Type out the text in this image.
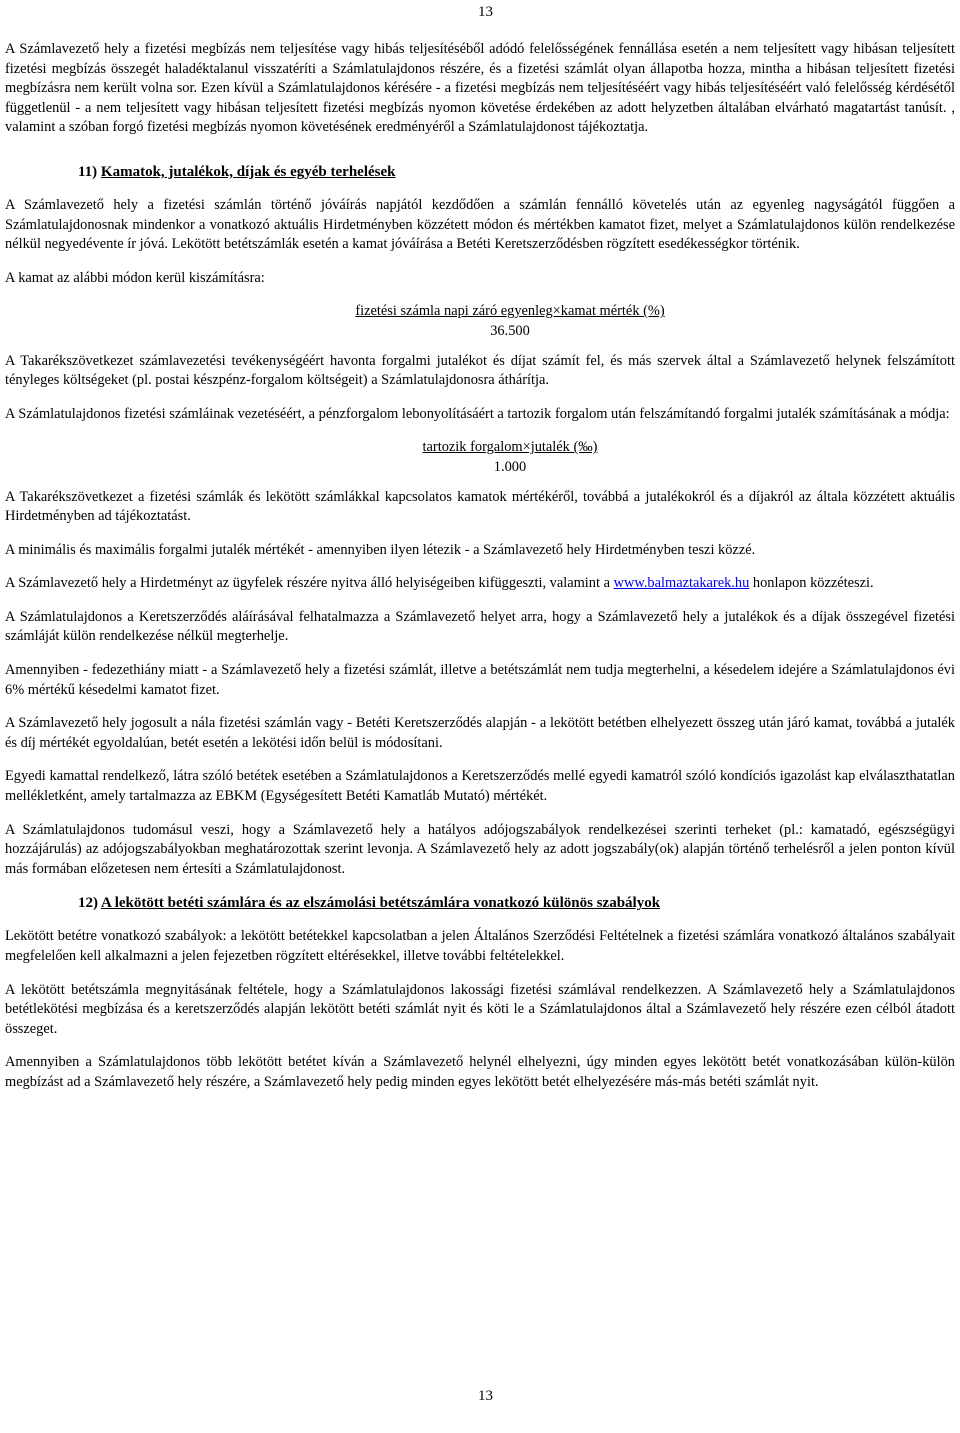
13

A Számlavezető hely a fizetési megbízás nem teljesítése vagy hibás teljesítéséből adódó felelősségének fennállása esetén a nem teljesített vagy hibásan teljesített fizetési megbízás összegét haladéktalanul visszatéríti a Számlatulajdonos részére, és a fizetési számlát olyan állapotba hozza, mintha a hibásan teljesített fizetési megbízásra nem került volna sor. Ezen kívül a Számlatulajdonos kérésére - a fizetési megbízás nem teljesítéséért vagy hibás teljesítéséért való felelősség kérdésétől függetlenül - a nem teljesített vagy hibásan teljesített fizetési megbízás nyomon követése érdekében az adott helyzetben általában elvárható magatartást tanúsít. , valamint a szóban forgó fizetési megbízás nyomon követésének eredményéről a Számlatulajdonost tájékoztatja.

11) Kamatok, jutalékok, díjak és egyéb terhelések

A Számlavezető hely a fizetési számlán történő jóváírás napjától kezdődően a számlán fennálló követelés után az egyenleg nagyságától függően a Számlatulajdonosnak mindenkor a vonatkozó aktuális Hirdetményben közzétett módon és mértékben kamatot fizet, melyet a Számlatulajdonos külön rendelkezése nélkül negyedévente ír jóvá. Lekötött betétszámlák esetén a kamat jóváírása a Betéti Keretszerződésben rögzített esedékességkor történik.

A kamat az alábbi módon kerül kiszámításra:

fizetési számla napi záró egyenleg×kamat mérték (%)

36.500

A Takarékszövetkezet számlavezetési tevékenységéért havonta forgalmi jutalékot és díjat számít fel, és más szervek által a Számlavezető helynek felszámított tényleges költségeket (pl. postai készpénz-forgalom költségeit) a Számlatulajdonosra áthárítja.

A Számlatulajdonos fizetési számláinak vezetéséért, a pénzforgalom lebonyolításáért a tartozik forgalom után felszámítandó forgalmi jutalék számításának a módja:

tartozik forgalom×jutalék (‰)

1.000

A Takarékszövetkezet a fizetési számlák és lekötött számlákkal kapcsolatos kamatok mértékéről, továbbá a jutalékokról és a díjakról az általa közzétett aktuális Hirdetményben ad tájékoztatást.

A minimális és maximális forgalmi jutalék mértékét - amennyiben ilyen létezik - a Számlavezető hely Hirdetményben teszi közzé.

A Számlavezető hely a Hirdetményt az ügyfelek részére nyitva álló helyiségeiben kifüggeszti, valamint a www.balmaztakarek.hu honlapon közzéteszi.

A Számlatulajdonos a Keretszerződés aláírásával felhatalmazza a Számlavezető helyet arra, hogy a Számlavezető hely a jutalékok és a díjak összegével fizetési számláját külön rendelkezése nélkül megterhelje.

Amennyiben - fedezethiány miatt - a Számlavezető hely a fizetési számlát, illetve a betétszámlát nem tudja megterhelni, a késedelem idejére a Számlatulajdonos évi 6% mértékű késedelmi kamatot fizet.

A Számlavezető hely jogosult a nála fizetési számlán vagy - Betéti Keretszerződés alapján - a lekötött betétben elhelyezett összeg után járó kamat, továbbá a jutalék és díj mértékét egyoldalúan, betét esetén a lekötési időn belül is módosítani.

Egyedi kamattal rendelkező, látra szóló betétek esetében a Számlatulajdonos a Keretszerződés mellé egyedi kamatról szóló kondíciós igazolást kap elválaszthatatlan mellékletként, amely tartalmazza az EBKM (Egységesített Betéti Kamatláb Mutató) mértékét.

A Számlatulajdonos tudomásul veszi, hogy a Számlavezető hely a hatályos adójogszabályok rendelkezései szerinti terheket (pl.: kamatadó, egészségügyi hozzájárulás) az adójogszabályokban meghatározottak szerint levonja. A Számlavezető hely az adott jogszabály(ok) alapján történő terhelésről a jelen ponton kívül más formában előzetesen nem értesíti a Számlatulajdonost.

12) A lekötött betéti számlára és az elszámolási betétszámlára vonatkozó különös szabályok

Lekötött betétre vonatkozó szabályok: a lekötött betétekkel kapcsolatban a jelen Általános Szerződési Feltételnek a fizetési számlára vonatkozó általános szabályait megfelelően kell alkalmazni a jelen fejezetben rögzített eltérésekkel, illetve további feltételekkel.

A lekötött betétszámla megnyitásának feltétele, hogy a Számlatulajdonos lakossági fizetési számlával rendelkezzen. A Számlavezető hely a Számlatulajdonos betétlekötési megbízása és a keretszerződés alapján lekötött betéti számlát nyit és köti le a Számlatulajdonos által a Számlavezető hely részére ezen célból átadott összeget.

Amennyiben a Számlatulajdonos több lekötött betétet kíván a Számlavezető helynél elhelyezni, úgy minden egyes lekötött betét vonatkozásában külön-külön megbízást ad a Számlavezető hely részére, a Számlavezető hely pedig minden egyes lekötött betét elhelyezésére más-más betéti számlát nyit.

13
